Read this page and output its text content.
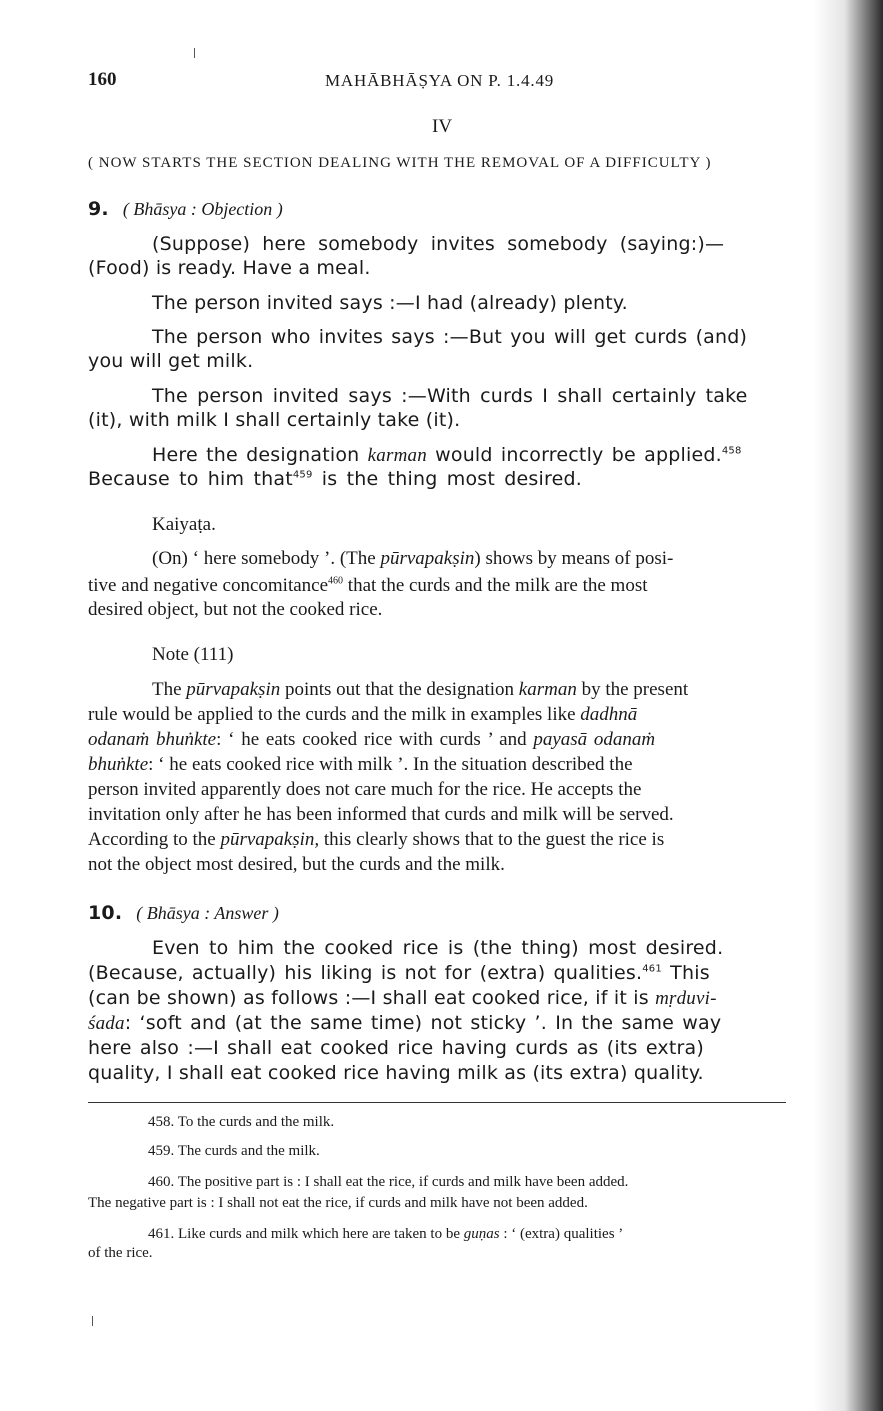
160	MAHĀBHĀṢYA ON P. 1.4.49
IV
( NOW STARTS THE SECTION DEALING WITH THE REMOVAL OF A DIFFICULTY )
9. ( Bhāsya : Objection )
(Suppose) here somebody invites somebody (saying:)—
(Food) is ready. Have a meal.
The person invited says :—I had (already) plenty.
The person who invites says :—But you will get curds (and)
you will get milk.
The person invited says :—With curds I shall certainly take
(it), with milk I shall certainly take (it).
Here the designation karman would incorrectly be applied.$^{458}$
Because to him that$^{459}$ is the thing most desired.
Kaiyaṭa.
(On) ‘ here somebody ’. (The pūrvapakṣin) shows by means of posi-
tive and negative concomitance$^{460}$ that the curds and the milk are the most
desired object, but not the cooked rice.
Note (111)
The pūrvapakṣin points out that the designation karman by the present
rule would be applied to the curds and the milk in examples like dadhnā
odanaṁ bhuṅkte: ‘ he eats cooked rice with curds ’ and payasā odanaṁ
bhuṅkte: ‘ he eats cooked rice with milk ’. In the situation described the
person invited apparently does not care much for the rice. He accepts the
invitation only after he has been informed that curds and milk will be served.
According to the pūrvapakṣin, this clearly shows that to the guest the rice is
not the object most desired, but the curds and the milk.
10. ( Bhāsya : Answer )
Even to him the cooked rice is (the thing) most desired.
(Because, actually) his liking is not for (extra) qualities.$^{461}$ This
(can be shown) as follows :—I shall eat cooked rice, if it is mṛduvi-
śada: ‘soft and (at the same time) not sticky ’. In the same way
here also :—I shall eat cooked rice having curds as (its extra)
quality, I shall eat cooked rice having milk as (its extra) quality.
458. To the curds and the milk.
459. The curds and the milk.
460. The positive part is : I shall eat the rice, if curds and milk have been added.
The negative part is : I shall not eat the rice, if curds and milk have not been added.
461. Like curds and milk which here are taken to be guṇas : ‘ (extra) qualities ’
of the rice.
